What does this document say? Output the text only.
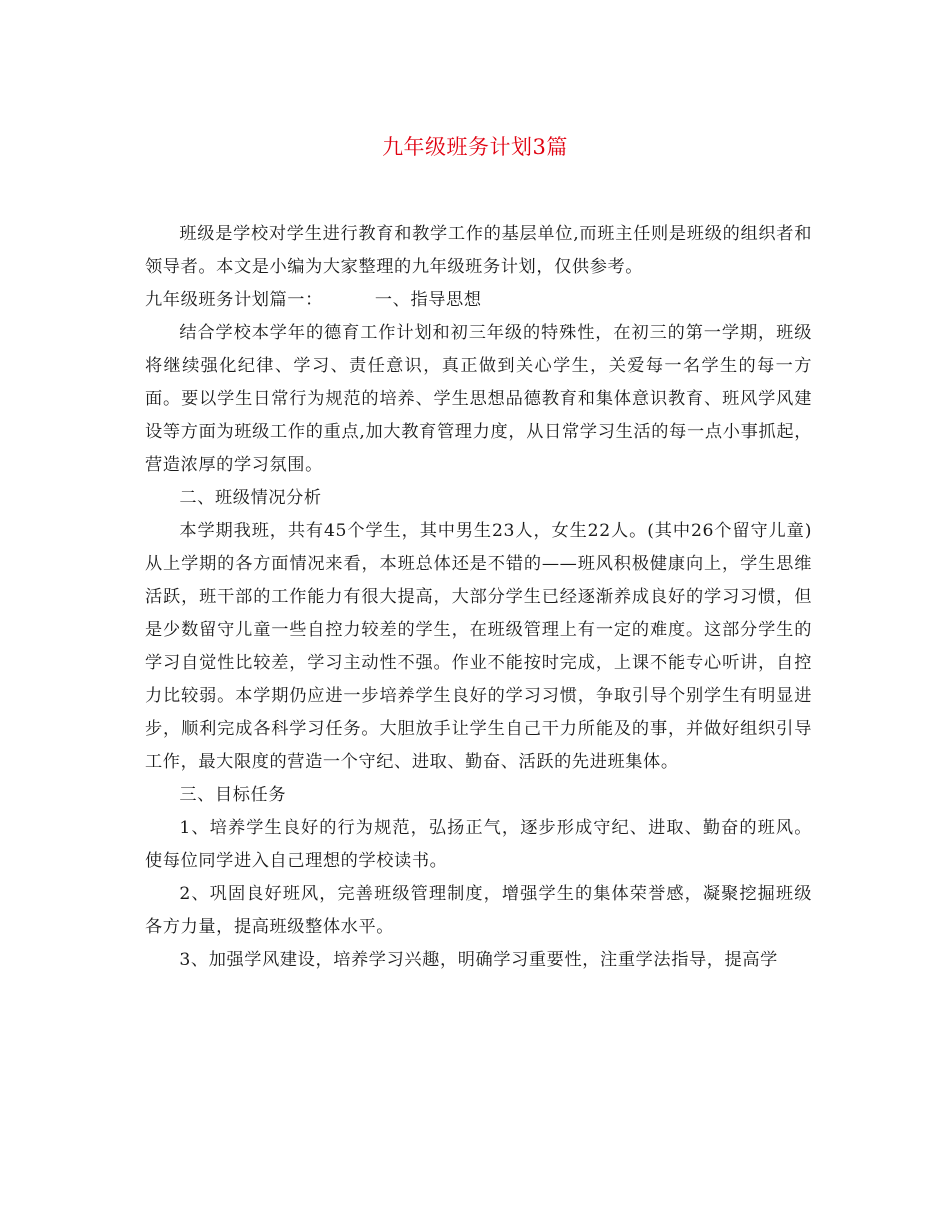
九年级班务计划3篇

班级是学校对学生进行教育和教学工作的基层单位,而班主任则是班级的组织者和领导者。本文是小编为大家整理的九年级班务计划，仅供参考。

九年级班务计划篇一：	一、指导思想

结合学校本学年的德育工作计划和初三年级的特殊性，在初三的第一学期，班级将继续强化纪律、学习、责任意识，真正做到关心学生，关爱每一名学生的每一方面。要以学生日常行为规范的培养、学生思想品德教育和集体意识教育、班风学风建设等方面为班级工作的重点,加大教育管理力度，从日常学习生活的每一点小事抓起，营造浓厚的学习氛围。

二、班级情况分析

本学期我班，共有45个学生，其中男生23人，女生22人。(其中26个留守儿童)从上学期的各方面情况来看，本班总体还是不错的——班风积极健康向上，学生思维活跃，班干部的工作能力有很大提高，大部分学生已经逐渐养成良好的学习习惯，但是少数留守儿童一些自控力较差的学生，在班级管理上有一定的难度。这部分学生的学习自觉性比较差，学习主动性不强。作业不能按时完成，上课不能专心听讲，自控力比较弱。本学期仍应进一步培养学生良好的学习习惯，争取引导个别学生有明显进步，顺利完成各科学习任务。大胆放手让学生自己干力所能及的事，并做好组织引导工作，最大限度的营造一个守纪、进取、勤奋、活跃的先进班集体。

三、目标任务

1、培养学生良好的行为规范，弘扬正气，逐步形成守纪、进取、勤奋的班风。使每位同学进入自己理想的学校读书。

2、巩固良好班风，完善班级管理制度，增强学生的集体荣誉感，凝聚挖掘班级各方力量，提高班级整体水平。

3、加强学风建设，培养学习兴趣，明确学习重要性，注重学法指导，提高学
